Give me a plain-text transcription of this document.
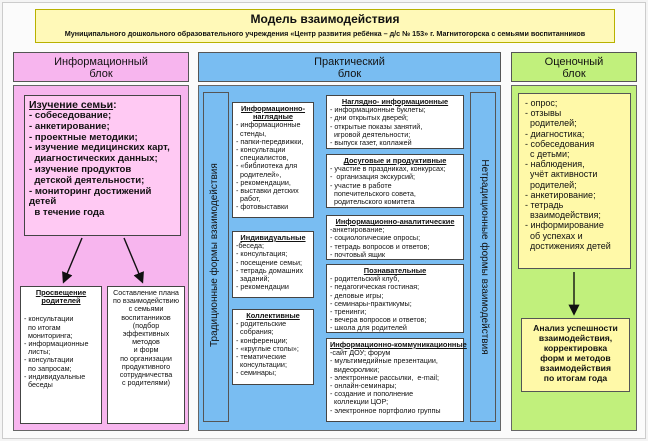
Модель взаимодействия
Муниципального дошкольного образовательного учреждения «Центр развития ребёнка – д/с № 153» г. Магнитогорска с семьями воспитанников
Информационный
блок
Практический
блок
Оценочный
блок
Изучение семьи:
- собеседование;
- анкетирование;
- проектные методики;
- изучение медицинских карт,
диагностических данных;
- изучение продуктов
детской деятельности;
- мониторинг достижений детей
в течение года
Просвещение
родителей
- консультации
по итогам
мониторинга;
- информационные
листы;
- консультации
по запросам;
- индивидуальные
беседы
Составление плана
по взаимодействию
с семьями
воспитанников
(подбор
эффективных
методов
и форм
по организации
продуктивного
сотрудничества
с родителями)
Традиционные формы взаимодействия	Нетрадиционные формы взаимодействия
Информационно-
наглядные
- информационные
стенды,
- папки-передвижки,
- консультации
специалистов,
- «библиотека для
родителей»,
- рекомендации,
- выставки детских
работ,
- фотовыставки
Индивидуальные
-беседа;
- консультация;
- посещение семьи;
- тетрадь домашних
заданий;
- рекомендации
Коллективные
- родительские
собрания;
- конференции;
- «круглые столы»;
- тематические
консультации;
- семинары;
Наглядно- информационные
- информационные буклеты;
- дни открытых дверей;
- открытые показы занятий,
игровой деятельности;
- выпуск газет, коллажей
Досуговые и продуктивные
- участие в праздниках, конкурсах;
-  организация экскурсий;
- участие в работе
попечительского совета,
родительского комитета
Информационно-аналитические
-анкетирование;
- социологические опросы;
- тетрадь вопросов и ответов;
- почтовый ящик
Познавательные
- родительский клуб,
- педагогическая гостиная;
- деловые игры;
- семинары-практикумы;
- тренинги;
- вечера вопросов и ответов;
- школа для родителей
Информационно-коммуникационные
-сайт ДОУ; форум
- мультимедийные презентации,
видеоролики;
- электронные рассылки,  e-mail;
- онлайн-семинары;
- создание и пополнение
коллекции ЦОР;
- электронное портфолио группы
- опрос;
- отзывы
родителей;
- диагностика;
- собеседования
с детьми;
- наблюдения,
учёт активности
родителей;
- анкетирование;
- тетрадь
взаимодействия;
- информирование
об успехах и
достижениях детей
Анализ успешности
взаимодействия,
корректировка
форм и методов
взаимодействия
по итогам года
